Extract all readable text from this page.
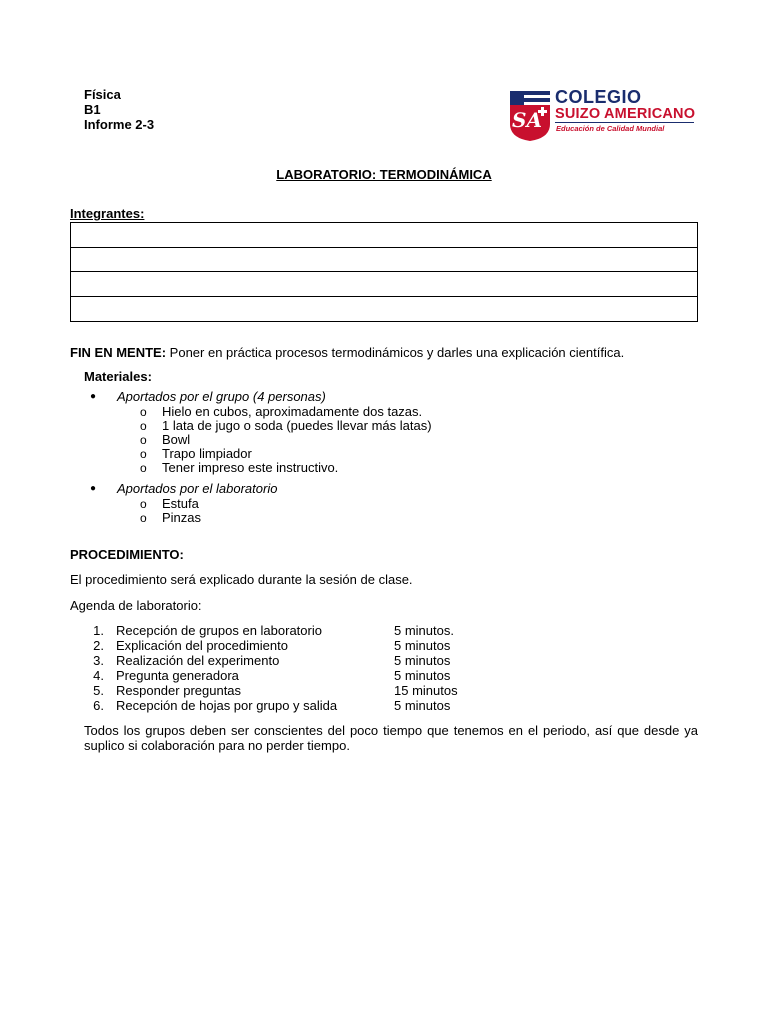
Física
B1
Informe 2-3	SA
COLEGIO
SUIZO AMERICANO
Educación de Calidad Mundial
LABORATORIO: TERMODINÁMICA
Integrantes:
FIN EN MENTE: Poner en práctica procesos termodinámicos y darles una explicación científica.
Materiales:
● Aportados por el grupo (4 personas)
o Hielo en cubos, aproximadamente dos tazas.
o 1 lata de jugo o soda (puedes llevar más latas)
o Bowl
o Trapo limpiador
o Tener impreso este instructivo.
● Aportados por el laboratorio
o Estufa
o Pinzas
PROCEDIMIENTO:
El procedimiento será explicado durante la sesión de clase.
Agenda de laboratorio:
1. Recepción de grupos en laboratorio	5 minutos.
2. Explicación del procedimiento	5 minutos
3. Realización del experimento	5 minutos
4. Pregunta generadora	5 minutos
5. Responder preguntas	15 minutos
6. Recepción de hojas por grupo y salida	5 minutos
Todos los grupos deben ser conscientes del poco tiempo que tenemos en el periodo, así que desde ya suplico si colaboración para no perder tiempo.
